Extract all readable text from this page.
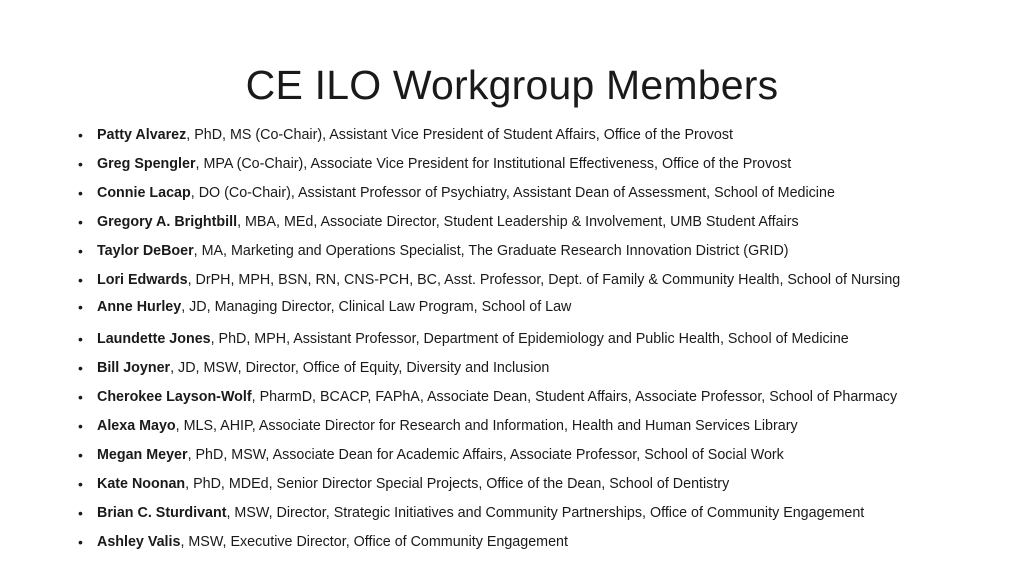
CE ILO Workgroup Members
• Patty Alvarez, PhD, MS (Co-Chair), Assistant Vice President of Student Affairs, Office of the Provost
• Greg Spengler, MPA (Co-Chair), Associate Vice President for Institutional Effectiveness, Office of the Provost
• Connie Lacap, DO (Co-Chair), Assistant Professor of Psychiatry, Assistant Dean of Assessment, School of Medicine
• Gregory A. Brightbill, MBA, MEd, Associate Director, Student Leadership & Involvement, UMB Student Affairs
• Taylor DeBoer, MA, Marketing and Operations Specialist, The Graduate Research Innovation District (GRID)
• Lori Edwards, DrPH, MPH, BSN, RN, CNS-PCH, BC, Asst. Professor, Dept. of Family & Community Health, School of Nursing
• Anne Hurley, JD, Managing Director, Clinical Law Program, School of Law
• Laundette Jones, PhD, MPH, Assistant Professor, Department of Epidemiology and Public Health, School of Medicine
• Bill Joyner, JD, MSW, Director, Office of Equity, Diversity and Inclusion
• Cherokee Layson-Wolf, PharmD, BCACP, FAPhA, Associate Dean, Student Affairs, Associate Professor, School of Pharmacy
• Alexa Mayo, MLS, AHIP, Associate Director for Research and Information, Health and Human Services Library
• Megan Meyer, PhD, MSW, Associate Dean for Academic Affairs, Associate Professor, School of Social Work
• Kate Noonan, PhD, MDEd, Senior Director Special Projects, Office of the Dean, School of Dentistry
• Brian C. Sturdivant, MSW, Director, Strategic Initiatives and Community Partnerships, Office of Community Engagement
• Ashley Valis, MSW, Executive Director, Office of Community Engagement
